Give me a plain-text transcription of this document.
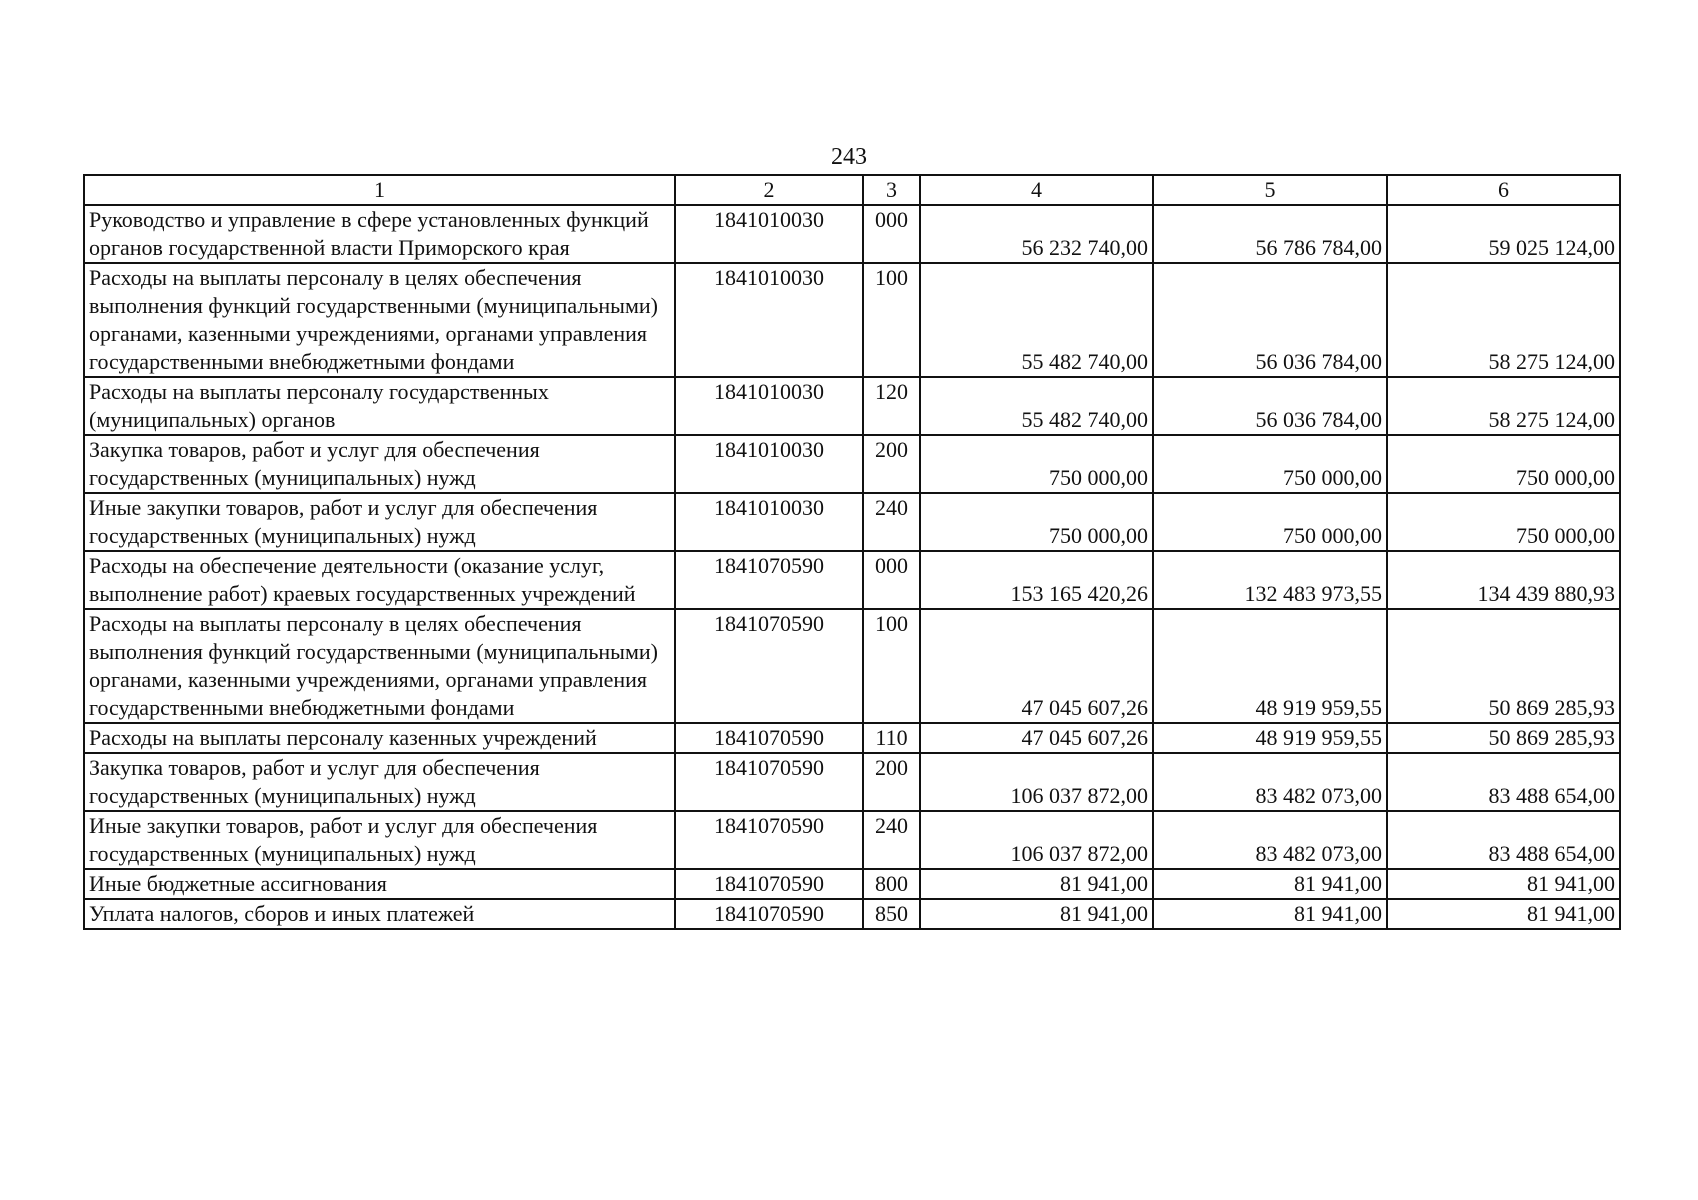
243
1	2	3	4	5	6
Руководство и управление в сфере установленных функций органов государственной власти Приморского края	1841010030	000	56 232 740,00	56 786 784,00	59 025 124,00
Расходы на выплаты персоналу в целях обеспечения выполнения функций государственными (муниципальными) органами, казенными учреждениями, органами управления государственными внебюджетными фондами	1841010030	100	55 482 740,00	56 036 784,00	58 275 124,00
Расходы на выплаты персоналу государственных (муниципальных) органов	1841010030	120	55 482 740,00	56 036 784,00	58 275 124,00
Закупка товаров, работ и услуг для обеспечения государственных (муниципальных) нужд	1841010030	200	750 000,00	750 000,00	750 000,00
Иные закупки товаров, работ и услуг для обеспечения государственных (муниципальных) нужд	1841010030	240	750 000,00	750 000,00	750 000,00
Расходы на обеспечение деятельности (оказание услуг, выполнение работ) краевых государственных учреждений	1841070590	000	153 165 420,26	132 483 973,55	134 439 880,93
Расходы на выплаты персоналу в целях обеспечения выполнения функций государственными (муниципальными) органами, казенными учреждениями, органами управления государственными внебюджетными фондами	1841070590	100	47 045 607,26	48 919 959,55	50 869 285,93
Расходы на выплаты персоналу казенных учреждений	1841070590	110	47 045 607,26	48 919 959,55	50 869 285,93
Закупка товаров, работ и услуг для обеспечения государственных (муниципальных) нужд	1841070590	200	106 037 872,00	83 482 073,00	83 488 654,00
Иные закупки товаров, работ и услуг для обеспечения государственных (муниципальных) нужд	1841070590	240	106 037 872,00	83 482 073,00	83 488 654,00
Иные бюджетные ассигнования	1841070590	800	81 941,00	81 941,00	81 941,00
Уплата налогов, сборов и иных платежей	1841070590	850	81 941,00	81 941,00	81 941,00
